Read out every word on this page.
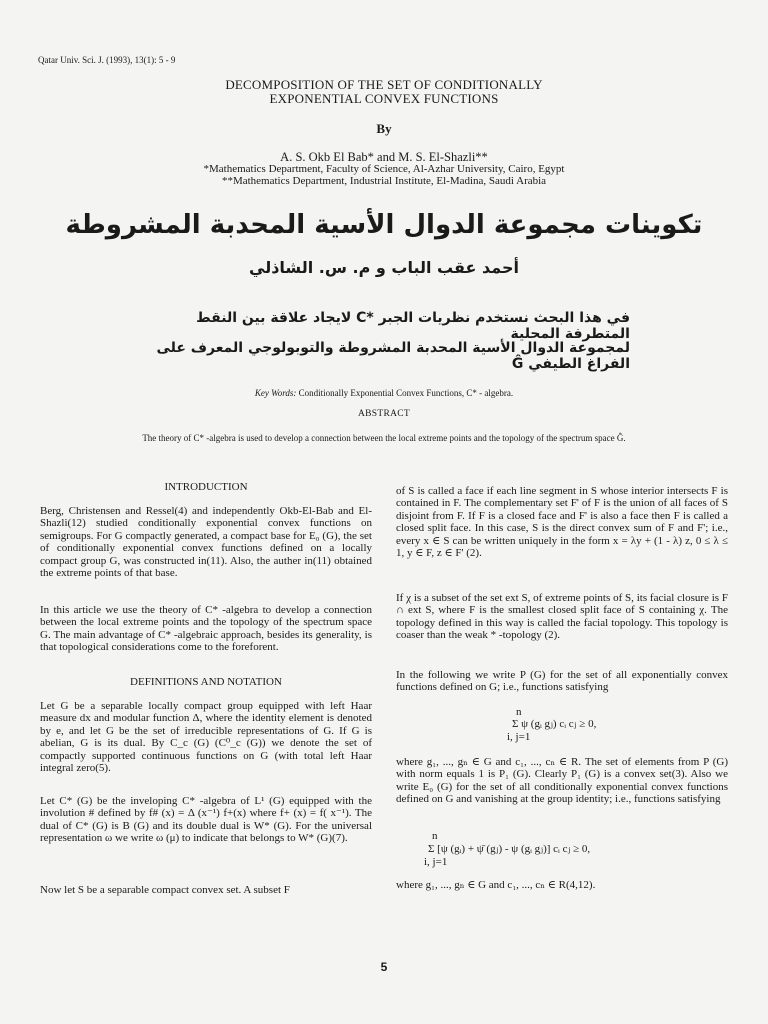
Qatar Univ. Sci. J. (1993), 13(1): 5 - 9
DECOMPOSITION OF THE SET OF CONDITIONALLY
EXPONENTIAL CONVEX FUNCTIONS
By
A. S. Okb El Bab* and M. S. El-Shazli**
*Mathematics Department, Faculty of Science, Al-Azhar University, Cairo, Egypt
**Mathematics Department, Industrial Institute, El-Madina, Saudi Arabia
تكوينات مجموعة الدوال الأسية المحدبة المشروطة
أحمد عقب الباب و م. س. الشاذلي
في هذا البحث نستخدم نظريات الجبر *C لايجاد علاقة بين النقط المتطرفة المحلية
لمجموعة الدوال الأسية المحدبة المشروطة والتوبولوجي المعرف على الفراغ الطيفي Ĝ
Key Words: Conditionally Exponential Convex Functions, C* - algebra.
ABSTRACT
The theory of C* -algebra is used to develop a connection between the local extreme points and the topology of the spectrum space Ĝ.
INTRODUCTION

Berg, Christensen and Ressel(4) and independently Okb-El-Bab and El-Shazli(12) studied conditionally exponential convex functions on semigroups. For G compactly generated, a compact base for E₀ (G), the set of conditionally exponential convex functions defined on a locally compact group G, was constructed in(11). Also, the auther in(11) obtained the extreme points of that base.

In this article we use the theory of C* -algebra to develop a connection between the local extreme points and the topology of the spectrum space G. The main advantage of C* -algebraic approach, besides its generality, is that topological considerations come to the foreforent.

DEFINITIONS AND NOTATION

Let G be a separable locally compact group equipped with left Haar measure dx and modular function Δ, where the identity element is denoted by e, and let G be the set of irreducible representations of G. If G is abelian, G is its dual. By C_c (G) (C⁰_c (G)) we denote the set of compactly supported continuous functions on G (with total left Haar integral zero(5).

Let C* (G) be the inveloping C* -algebra of L¹ (G) equipped with the involution # defined by f# (x) = Δ (x⁻¹) f+(x) where f+ (x) = f( x⁻¹). The dual of C* (G) is B (G) and its double dual is W* (G). For the universal representation ω we write ω (μ) to indicate that belongs to W* (G)(7).

Now let S be a separable compact convex set. A subset F

of S is called a face if each line segment in S whose interior intersects F is contained in F. The complementary set F' of F is the union of all faces of S disjoint from F. If F is a closed face and F' is also a face then F is called a closed split face. In this case, S is the direct convex sum of F and F'; i.e., every x ∈ S can be written uniquely in the form x = λy + (1 - λ) z, 0 ≤ λ ≤ 1, y ∈ F, z ∈ F' (2).

If χ is a subset of the set ext S, of extreme points of S, its facial closure is F ∩ ext S, where F is the smallest closed split face of S containing χ. The topology defined in this way is called the facial topology. This topology is coaser than the weak * -topology (2).

In the following we write P (G) for the set of all exponentially convex functions defined on G; i.e., functions satisfying

n
Σ ψ (gᵢ gⱼ) cᵢ cⱼ ≥ 0,
i, j=1

where g₁, ..., gₙ ∈ G and c₁, ..., cₙ ∈ R. The set of elements from P (G) with norm equals 1 is P₁ (G). Clearly P₁ (G) is a convex set(3). Also we write E₀ (G) for the set of all conditionally exponential convex functions defined on G and vanishing at the group identity; i.e., functions satisfying

n
Σ [ψ (gᵢ) + ψ̄ (gⱼ) - ψ (gᵢ gⱼ)] cᵢ cⱼ ≥ 0,
i, j=1

where g₁, ..., gₙ ∈ G and c₁, ..., cₙ ∈ R(4,12).

5
